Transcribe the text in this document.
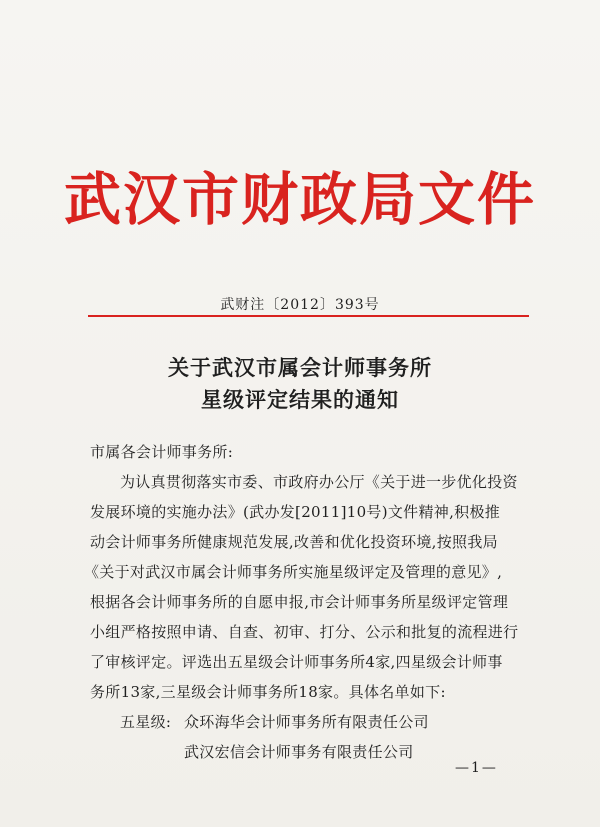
武汉市财政局文件
武财注〔2012〕393号
关于武汉市属会计师事务所
星级评定结果的通知
市属各会计师事务所:
为认真贯彻落实市委、市政府办公厅《关于进一步优化投资
发展环境的实施办法》(武办发[2011]10号)文件精神,积极推
动会计师事务所健康规范发展,改善和优化投资环境,按照我局
《关于对武汉市属会计师事务所实施星级评定及管理的意见》,
根据各会计师事务所的自愿申报,市会计师事务所星级评定管理
小组严格按照申请、自查、初审、打分、公示和批复的流程进行
了审核评定。评选出五星级会计师事务所4家,四星级会计师事
务所13家,三星级会计师事务所18家。具体名单如下:
五星级: 众环海华会计师事务所有限责任公司
武汉宏信会计师事务有限责任公司
—1—
